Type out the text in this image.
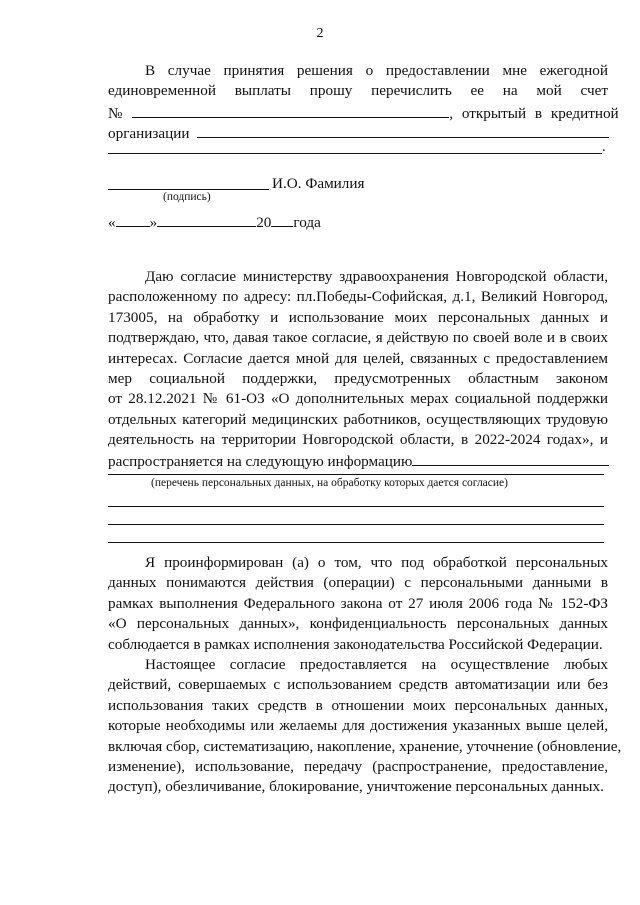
2
В случае принятия решения о предоставлении мне ежегодной
единовременной выплаты прошу перечислить ее на мой счет
№	, открытый в кредитной
организации
.
И.О. Фамилия
(подпись)
« »	20 года
Даю согласие министерству здравоохранения Новгородской области,
расположенному по адресу: пл.Победы-Софийская, д.1, Великий Новгород,
173005, на обработку и использование моих персональных данных и
подтверждаю, что, давая такое согласие, я действую по своей воле и в своих
интересах. Согласие дается мной для целей, связанных с предоставлением
мер социальной поддержки, предусмотренных областным законом
от 28.12.2021 № 61-ОЗ «О дополнительных мерах социальной поддержки
отдельных категорий медицинских работников, осуществляющих трудовую
деятельность на территории Новгородской области, в 2022-2024 годах», и
распространяется на следующую информацию
(перечень персональных данных, на обработку которых дается согласие)
Я проинформирован (а) о том, что под обработкой персональных
данных понимаются действия (операции) с персональными данными в
рамках выполнения Федерального закона от 27 июля 2006 года № 152-ФЗ
«О персональных данных», конфиденциальность персональных данных
соблюдается в рамках исполнения законодательства Российской Федерации.
Настоящее согласие предоставляется на осуществление любых
действий, совершаемых с использованием средств автоматизации или без
использования таких средств в отношении моих персональных данных,
которые необходимы или желаемы для достижения указанных выше целей,
включая сбор, систематизацию, накопление, хранение, уточнение (обновление,
изменение), использование, передачу (распространение, предоставление,
доступ), обезличивание, блокирование, уничтожение персональных данных.
